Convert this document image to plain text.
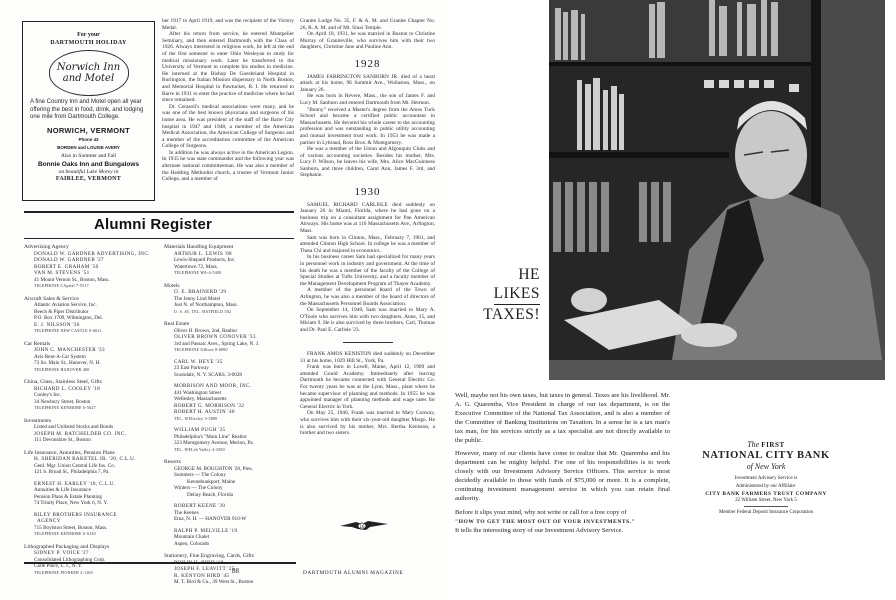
For your
DARTMOUTH HOLIDAY
Norwich Inn
and Motel
A fine Country Inn and Motel open all year offering the best in food, drink, and lodging one mile from Dartmouth College.
NORWICH, VERMONT
Phone 43
BORDEN and LOUISE AVERY
Also in Summer and Fall
Bonnie Oaks Inn and Bungalows
on beautiful Lake Morey in
FAIRLEE, VERMONT

ber 1917 to April 1919, and was the recipient of the Victory Medal.

After his return from service, he entered Montpelier Seminary, and then entered Dartmouth with the Class of 1926. Always interested in religious work, he left at the end of the first semester to enter Ohio Wesleyan to study for medical missionary work. Later he transferred to the University of Vermont to complete his studies in medicine. He interned at the Bishop De Goesbriand Hospital in Burlington, the Italian Mission dispensary in North Boston, and Memorial Hospital in Pawtucket, R. I. He returned to Barre in 1931 to enter the practice of medicine where he had since remained.

Dr. Cerasoli's medical associations were many, and he was one of the best known physicians and surgeons of his home area. He was president of the staff of the Barre City hospital in 1947 and 1948, a member of the American Medical Association, the American College of Surgeons and a member of the accreditation committee of the American College of Surgeons.

In addition he was always active in the American Legion. In 1935 he was state commander and the following year was alternate national committeeman. He was also a member of the Hedding Methodist church, a trustee of Vermont Junior College, and a member of

Granite Lodge No. 35, F. & A. M. and Granite Chapter No. 26, R. A. M. and of Mt. Sinai Temple.

On April 10, 1931, he was married in Boston to Christine Murray of Graniteville, who survives him with their two daughters, Christine Jane and Pauline Ann.

1928

JAMES FARRINGTON SANBORN JR. died of a heart attack at his home, 96 Summit Ave., Wollaston, Mass., on January 26.

He was born in Revere, Mass., the son of James F. and Lucy M. Sanborn and entered Dartmouth from Mt. Hermon.

"Bunny" received a Master's degree from the Amos Tuck School and became a certified public accountant in Massachusetts. He devoted his whole career to the accounting profession and was outstanding in public utility accounting and mutual investment trust work. In 1953 he was made a partner in Lybrand, Ross Bros. & Montgomery.

He was a member of the Union and Algonquin Clubs and of various accounting societies. Besides his mother, Mrs. Lucy P. Wilson, he leaves his wife, Mrs. Alice MacGuinness Sanborn, and three children, Carol Ann, James F. 3rd, and Stephanie.

1930

SAMUEL RICHARD CARLISLE died suddenly on January 26 in Miami, Florida, where he had gone on a business trip on a consultant assignment for Pan American Airways. His home was at 116 Massachusetts Ave., Arlington, Mass.

Sam was born in Clinton, Mass., February 7, 1901, and attended Clinton High School. In college he was a member of Theta Chi and majored in economics.

In his business career Sam had specialized for many years in personnel work in industry and government. At the time of his death he was a member of the faculty of the College of Special Studies at Tufts University, and a faculty member of the Management Development Program of Thayer Academy.

A member of the personnel board of the Town of Arlington, he was also a member of the board of directors of the Massachusetts Personnel Boards Association.

On September 14, 1940, Sam was married to Mary A. O'Toole who survives him with two daughters, Anne, 15, and Miriam 9. He is also survived by three brothers, Carl, Thomas and Dr. Paul E. Carlisle '23.

FRANK AMOS KENISTON died suddenly on December 31 at his home, 1029 Hill St., York, Pa.

Frank was born in Lovell, Maine, April 12, 1909 and attended Gould Academy. Immediately after leaving Dartmouth he became connected with General Electric Co. For twenty years he was at the Lynn, Mass., plant where he became supervisor of planning and methods. In 1955 he was appointed manager of planning methods and wage rates for General Electric in York.

On May 25, 1946, Frank was married to Mary Conway, who survives him with their six-year-old daughter Margo. He is also survived by his mother, Mrs. Bertha Keniston, a brother and two sisters.

Alumni Register
Advertising Agency
DONALD W. GARDNER ADVERTISING, INC.
DONALD W. GARDNER '27
ROBERT E. GRAHAM '50
VAN M. STEVENS '51
41 Mount Vernon St., Boston, Mass.
TELEPHONE CApital 7-5517
Aircraft Sales & Service
Atlantic Aviation Service, Inc.
Beech & Piper Distributor
P.O. Box 1709, Wilmington, Del.
E. J. NILSSON '36
TELEPHONE NEW CASTLE 8-6611
Car Rentals
JOHN C. MANCHESTER '33
Avis Rent-A-Car System
73 So. Main St., Hanover, N. H.
TELEPHONE HANOVER 400
China, Glass, Stainless Steel, Gifts
RICHARD L. COOLEY '18
Cooley's Inc.
34 Newbury Street, Boston
TELEPHONE KENMORE 6-5627
Investments
Listed and Unlisted Stocks and Bonds
JOSEPH M. BATCHELDER CO. INC.
111 Devonshire St., Boston
Life Insurance, Annuities, Pension Plans
H. SHERIDAN BAKETEL JR. '20, C.L.U.
Genl. Mgr. Union Central Life Ins. Co.
121 S. Broad St., Philadelphia 7, Pa.
ERNEST H. EARLEY '18, C.L.U.
Annuities & Life Insurance
Pension Plans & Estate Planning
74 Trinity Place, New York 6, N. Y.
RILEY BROTHERS INSURANCE
AGENCY
715 Boylston Street, Boston, Mass.
TELEPHONE KENMORE 6-0130
Lithographed Packaging and Displays
SIDNEY P. VOICE '27
Consolidated Lithographing Corp.
Carle Place, L. I., N. Y.
TELEPHONE PIONEER 2-1100
Materials Handling Equipment
ARTHUR L. LEWIS '08
Lewis-Shepard Products, Inc.
Watertown 72, Mass.
TELEPHONE WA-4-5400
Motels
O. E. BRAINERD '29
The Jenny Lind Motel
Just N. of Northampton, Mass.
U. S. #5, TEL. HATFIELD 502
Real Estate
Oliver H. Brown, 2nd, Realtor
OLIVER BROWN CONOVER '33
3rd and Passaic Aves., Spring Lake, N. J.
TELEPHONE GIbson 9-6800
CARL W. HEYE '35
23 East Parkway
Scarsdale, N. Y. SCARS. 3-0028
MORRISON AND MOOR, INC.
441 Washington Street
Wellesley, Massachusetts
ROBERT G. MORRISON '32
ROBERT H. AUSTIN '40
TEL. WEllesley 5-5800
WILLIAM PUGH '25
Philadelphia's "Main Line" Realtor
323 Montgomery Avenue, Merion, Pa.
TEL. WELsh Valley 4-3500
Resorts
GEORGE M. BOUGHTON '28, Pres.
Summers — The Colony
Kennebunkport, Maine
Winters — The Colony
Delray Beach, Florida
ROBERT KEENE '30
The Keenes
Etna, N. H. — HANOVER 910-W
RALPH P. MELVILLE '19
Mountain Chalet
Aspen, Colorado
Stationery, Fine Engraving, Cards, Gifts
JOSEPH F. LEAVITT '25
R. KENYON BIRD '45
M. T. Bird & Co., 39 West St., Boston
88
16
DARTMOUTH ALUMNI MAGAZINE
HE
LIKES
TAXES!

Well, maybe not his own taxes, but taxes in general. Taxes are his livelihood. Mr. A. G. Quaremba, Vice President in charge of our tax department, is on the Executive Committee of the National Tax Association, and is also a member of the Committee of Banking Institutions on Taxation. In a sense he is a tax man's tax man, for his services strictly as a tax specialist are not directly available to the public.

However, many of our clients have come to realize that Mr. Quaremba and his department can be mighty helpful. For one of his responsibilities is to work closely with our Investment Advisory Service Officers. This service is most decidedly available to those with funds of $75,000 or more. It is a complete, continuing investment management service in which you can retain final authority.

Before it slips your mind, why not write or call for a free copy of
"HOW TO GET THE MOST OUT OF YOUR INVESTMENTS."
It tells the interesting story of our Investment Advisory Service.

The FIRST
NATIONAL CITY BANK
of New York
Investment Advisory Service is
Administered by our Affiliate:
CITY BANK FARMERS TRUST COMPANY
22 William Street, New York 5
Member Federal Deposit Insurance Corporation
